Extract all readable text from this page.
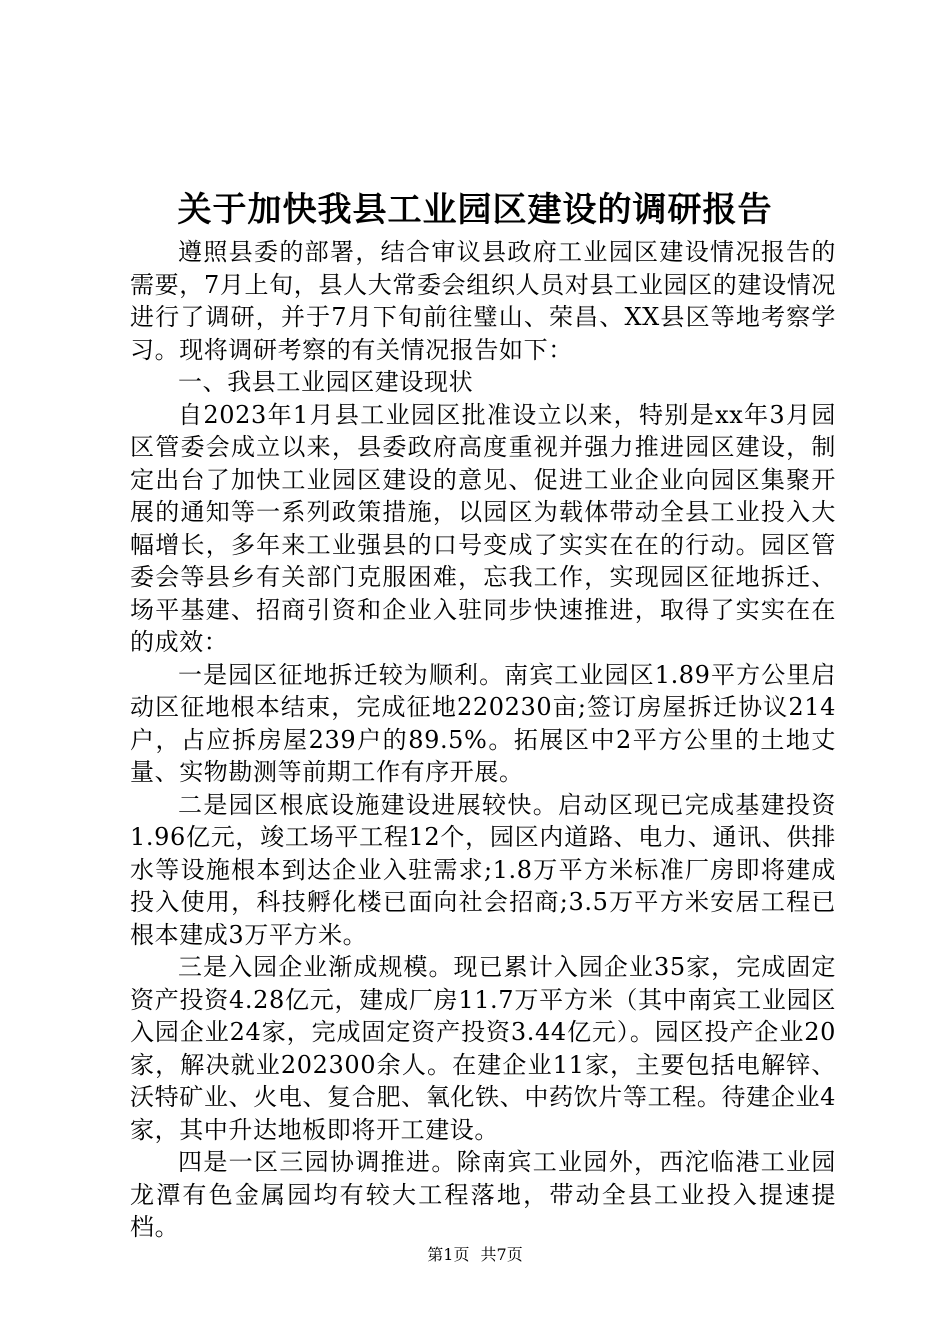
关于加快我县工业园区建设的调研报告

遵照县委的部署，结合审议县政府工业园区建设情况报告的需要，7月上旬，县人大常委会组织人员对县工业园区的建设情况进行了调研，并于7月下旬前往璧山、荣昌、XX县区等地考察学习。现将调研考察的有关情况报告如下：

一、我县工业园区建设现状

自2023年1月县工业园区批准设立以来，特别是xx年3月园区管委会成立以来，县委政府高度重视并强力推进园区建设，制定出台了加快工业园区建设的意见、促进工业企业向园区集聚开展的通知等一系列政策措施，以园区为载体带动全县工业投入大幅增长，多年来工业强县的口号变成了实实在在的行动。园区管委会等县乡有关部门克服困难，忘我工作，实现园区征地拆迁、场平基建、招商引资和企业入驻同步快速推进，取得了实实在在的成效：

一是园区征地拆迁较为顺利。南宾工业园区1.89平方公里启动区征地根本结束，完成征地220230亩;签订房屋拆迁协议214户，占应拆房屋239户的89.5%。拓展区中2平方公里的土地丈量、实物勘测等前期工作有序开展。

二是园区根底设施建设进展较快。启动区现已完成基建投资1.96亿元，竣工场平工程12个，园区内道路、电力、通讯、供排水等设施根本到达企业入驻需求;1.8万平方米标准厂房即将建成投入使用，科技孵化楼已面向社会招商;3.5万平方米安居工程已根本建成3万平方米。

三是入园企业渐成规模。现已累计入园企业35家，完成固定资产投资4.28亿元，建成厂房11.7万平方米（其中南宾工业园区入园企业24家，完成固定资产投资3.44亿元）。园区投产企业20家，解决就业202300余人。在建企业11家，主要包括电解锌、沃特矿业、火电、复合肥、氧化铁、中药饮片等工程。待建企业4家，其中升达地板即将开工建设。

四是一区三园协调推进。除南宾工业园外，西沱临港工业园龙潭有色金属园均有较大工程落地，带动全县工业投入提速提档。

第1页 共7页
